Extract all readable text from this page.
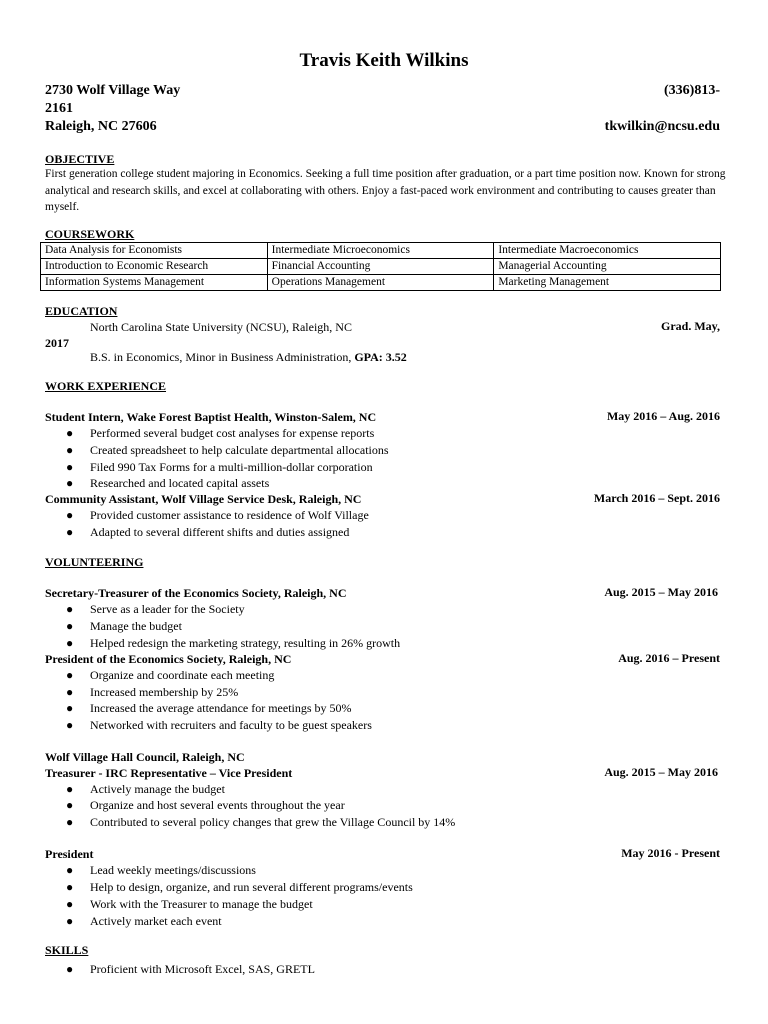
Travis Keith Wilkins
2730 Wolf Village Way	(336)813-
2161
Raleigh, NC 27606	tkwilkin@ncsu.edu
OBJECTIVE
First generation college student majoring in Economics. Seeking a full time position after graduation, or a part time position now. Known for strong analytical and research skills, and excel at collaborating with others. Enjoy a fast-paced work environment and contributing to causes greater than myself.
COURSEWORK
Data Analysis for Economists	Intermediate Microeconomics	Intermediate Macroeconomics
Introduction to Economic Research	Financial Accounting	Managerial Accounting
Information Systems Management	Operations Management	Marketing Management
EDUCATION
North Carolina State University (NCSU), Raleigh, NC	Grad. May,
2017
B.S. in Economics, Minor in Business Administration, GPA: 3.52
WORK EXPERIENCE
Student Intern, Wake Forest Baptist Health, Winston-Salem, NC	May 2016 – Aug. 2016
● Performed several budget cost analyses for expense reports
● Created spreadsheet to help calculate departmental allocations
● Filed 990 Tax Forms for a multi-million-dollar corporation
● Researched and located capital assets
Community Assistant, Wolf Village Service Desk, Raleigh, NC	March 2016 – Sept. 2016
● Provided customer assistance to residence of Wolf Village
● Adapted to several different shifts and duties assigned
VOLUNTEERING
Secretary-Treasurer of the Economics Society, Raleigh, NC	Aug. 2015 – May 2016
● Serve as a leader for the Society
● Manage the budget
● Helped redesign the marketing strategy, resulting in 26% growth
President of the Economics Society, Raleigh, NC	Aug. 2016 – Present
● Organize and coordinate each meeting
● Increased membership by 25%
● Increased the average attendance for meetings by 50%
● Networked with recruiters and faculty to be guest speakers
Wolf Village Hall Council, Raleigh, NC
Treasurer - IRC Representative – Vice President	Aug. 2015 – May 2016
● Actively manage the budget
● Organize and host several events throughout the year
● Contributed to several policy changes that grew the Village Council by 14%
President	May 2016 - Present
● Lead weekly meetings/discussions
● Help to design, organize, and run several different programs/events
● Work with the Treasurer to manage the budget
● Actively market each event
SKILLS
● Proficient with Microsoft Excel, SAS, GRETL
